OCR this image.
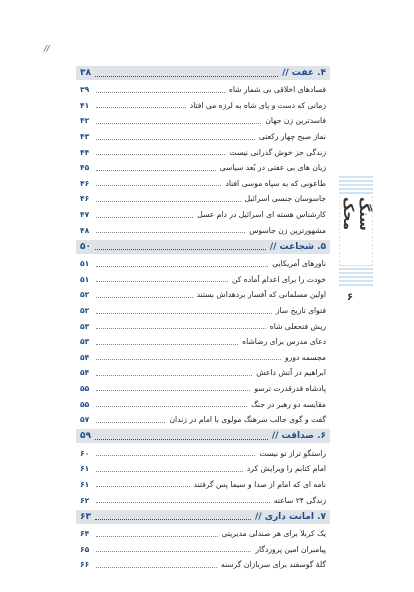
//
۴. عفت //
۳۸
فسادهای اخلاقی بی شمار شاه
۳۹
زمانی که دست و پای شاه به لرزه می افتاد
۴۱
فاسدترین زن جهان
۴۲
نماز صبح چهار رکعتی
۴۳
زندگی جز خوش گذرانی نیست
۴۴
زیان های بی عفتی در بُعد سیاسی
۴۵
طاعونی که به سپاه موسی افتاد
۴۶
جاسوسان جنسی اسرائیل
۴۶
کارشناس هسته ای اسرائیل در دام عسل
۴۷
مشهورترین زن جاسوس
۴۸
۵. شجاعت //
۵۰
ناورهای آمریکایی
۵۱
خودت را برای اعدام آماده کن
۵۱
اولین مسلمانی که آفسار بردهداش بستند
۵۲
فتوای تاریخ ساز
۵۲
ریش فتحعلی شاه
۵۳
دعای مدرس برای رضاشاه
۵۳
مجسمه دورو
۵۴
ابراهیم در آتش داعش
۵۴
پادشاه قدرقدرت ترسو
۵۵
مقایسه دو رهبر در جنگ
۵۵
گفت و گوی جالب سرهنگ مولوی با امام در زندان
۵۷
۶. صداقت //
۵۹
راستگو تراز تو نیست
۶۰
امام کتابم را ویرایش کرد
۶۱
نامه ای که امام از صدا و سیما پس گرفتند
۶۱
زندگی ۲۴ ساعته
۶۲
۷. امانت داری //
۶۳
یک کربلا برای هر صندلی مدیریتی
۶۴
پیامبران امین پروردگار
۶۵
گلهٔ گوسفند برای سربازان گرسنه
۶۶
سنگ محک
۶
